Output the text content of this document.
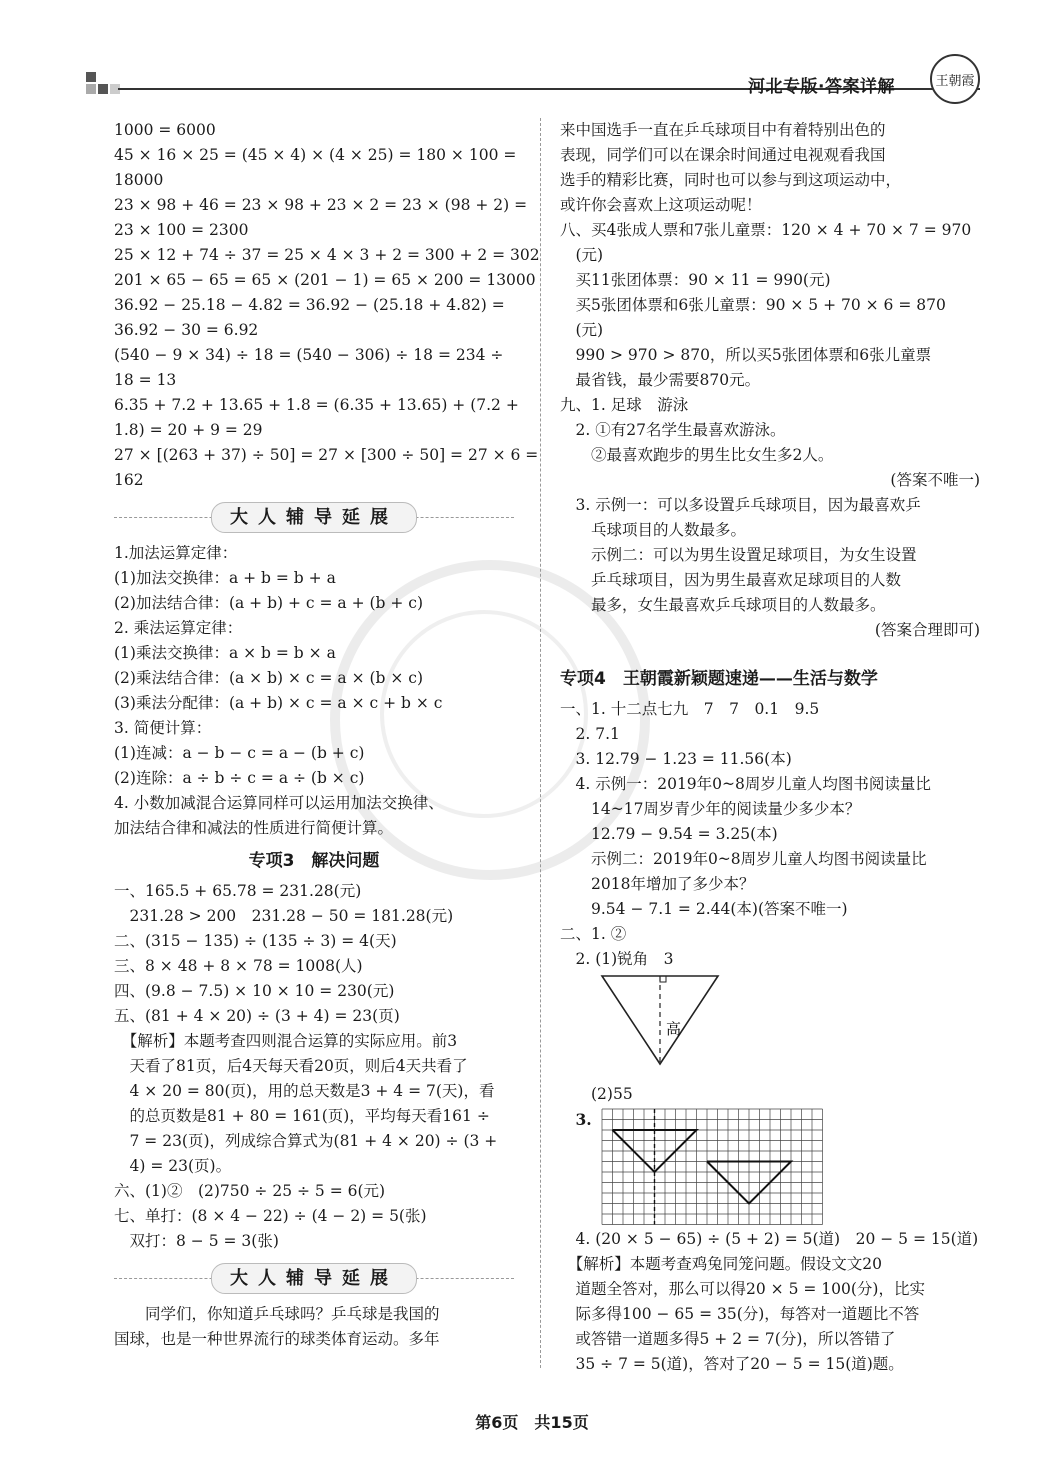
河北专版·答案详解	王朝霞
1000 = 6000
45 × 16 × 25 = (45 × 4) × (4 × 25) = 180 × 100 =
18000
23 × 98 + 46 = 23 × 98 + 23 × 2 = 23 × (98 + 2) =
23 × 100 = 2300
25 × 12 + 74 ÷ 37 = 25 × 4 × 3 + 2 = 300 + 2 = 302
201 × 65 − 65 = 65 × (201 − 1) = 65 × 200 = 13000
36.92 − 25.18 − 4.82 = 36.92 − (25.18 + 4.82) =
36.92 − 30 = 6.92
(540 − 9 × 34) ÷ 18 = (540 − 306) ÷ 18 = 234 ÷
18 = 13
6.35 + 7.2 + 13.65 + 1.8 = (6.35 + 13.65) + (7.2 +
1.8) = 20 + 9 = 29
27 × [(263 + 37) ÷ 50] = 27 × [300 ÷ 50] = 27 × 6 =
162
大人辅导延展
1.加法运算定律：
(1)加法交换律：a + b = b + a
(2)加法结合律：(a + b) + c = a + (b + c)
2. 乘法运算定律：
(1)乘法交换律：a × b = b × a
(2)乘法结合律：(a × b) × c = a × (b × c)
(3)乘法分配律：(a + b) × c = a × c + b × c
3. 简便计算：
(1)连减：a − b − c = a − (b + c)
(2)连除：a ÷ b ÷ c = a ÷ (b × c)
4. 小数加减混合运算同样可以运用加法交换律、
加法结合律和减法的性质进行简便计算。
专项3　解决问题
一、165.5 + 65.78 = 231.28(元)
　231.28 > 200　231.28 − 50 = 181.28(元)
二、(315 − 135) ÷ (135 ÷ 3) = 4(天)
三、8 × 48 + 8 × 78 = 1008(人)
四、(9.8 − 7.5) × 10 × 10 = 230(元)
五、(81 + 4 × 20) ÷ (3 + 4) = 23(页)
　【解析】本题考查四则混合运算的实际应用。前3
　天看了81页，后4天每天看20页，则后4天共看了
　4 × 20 = 80(页)，用的总天数是3 + 4 = 7(天)，看
　的总页数是81 + 80 = 161(页)，平均每天看161 ÷
　7 = 23(页)，列成综合算式为(81 + 4 × 20) ÷ (3 +
　4) = 23(页)。
六、(1)②　(2)750 ÷ 25 ÷ 5 = 6(元)
七、单打：(8 × 4 − 22) ÷ (4 − 2) = 5(张)
　双打：8 − 5 = 3(张)
大人辅导延展
　　同学们，你知道乒乓球吗？乒乓球是我国的
国球，也是一种世界流行的球类体育运动。多年
来中国选手一直在乒乓球项目中有着特别出色的
表现，同学们可以在课余时间通过电视观看我国
选手的精彩比赛，同时也可以参与到这项运动中，
或许你会喜欢上这项运动呢！
八、买4张成人票和7张儿童票：120 × 4 + 70 × 7 = 970
　(元)
　买11张团体票：90 × 11 = 990(元)
　买5张团体票和6张儿童票：90 × 5 + 70 × 6 = 870
　(元)
　990 > 970 > 870，所以买5张团体票和6张儿童票
　最省钱，最少需要870元。
九、1. 足球　游泳
　2. ①有27名学生最喜欢游泳。
　　②最喜欢跑步的男生比女生多2人。
(答案不唯一)
　3. 示例一：可以多设置乒乓球项目，因为最喜欢乒
　　乓球项目的人数最多。
　　示例二：可以为男生设置足球项目，为女生设置
　　乒乓球项目，因为男生最喜欢足球项目的人数
　　最多，女生最喜欢乒乓球项目的人数最多。
(答案合理即可)
专项4　王朝霞新颖题速递——生活与数学
一、1. 十二点七九　7　7　0.1　9.5
　2. 7.1
　3. 12.79 − 1.23 = 11.56(本)
　4. 示例一：2019年0~8周岁儿童人均图书阅读量比
　　14~17周岁青少年的阅读量少多少本？
　　12.79 − 9.54 = 3.25(本)
　　示例二：2019年0~8周岁儿童人均图书阅读量比
　　2018年增加了多少本？
　　9.54 − 7.1 = 2.44(本)(答案不唯一)
二、1. ②
　2. (1)锐角　3
高
　　(2)55
　3.
　4. (20 × 5 − 65) ÷ (5 + 2) = 5(道)　20 − 5 = 15(道)
　【解析】本题考查鸡兔同笼问题。假设文文20
　道题全答对，那么可以得20 × 5 = 100(分)，比实
　际多得100 − 65 = 35(分)，每答对一道题比不答
　或答错一道题多得5 + 2 = 7(分)，所以答错了
　35 ÷ 7 = 5(道)，答对了20 − 5 = 15(道)题。
第6页　共15页
